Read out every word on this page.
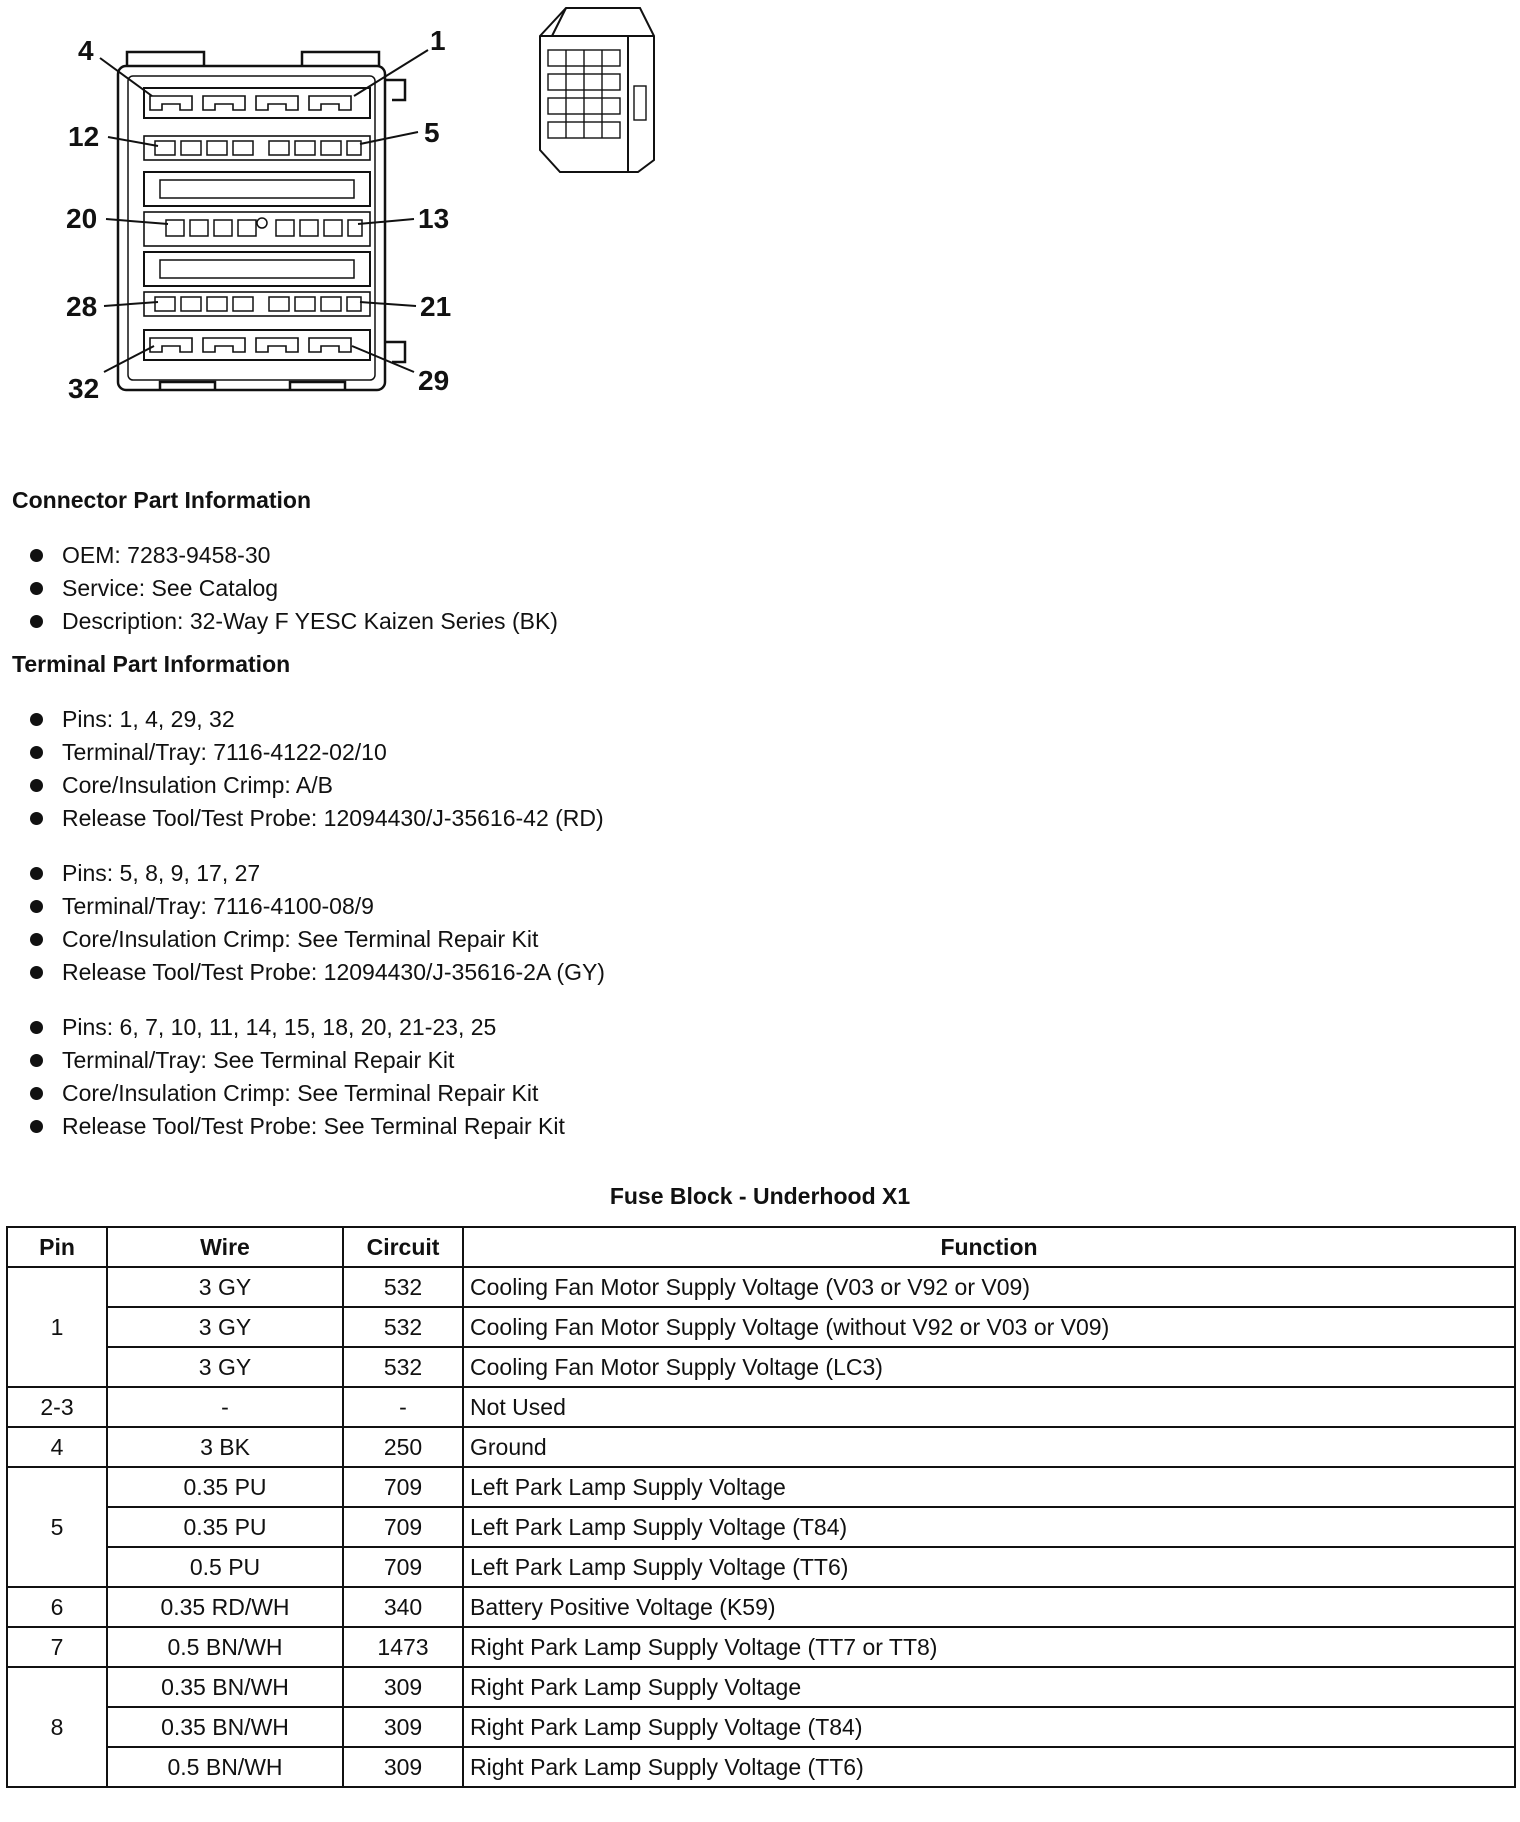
4	1
12	5
20	13
28	21
32	29
Connector Part Information
OEM: 7283-9458-30
Service: See Catalog
Description: 32-Way F YESC Kaizen Series (BK)
Terminal Part Information
Pins: 1, 4, 29, 32
Terminal/Tray: 7116-4122-02/10
Core/Insulation Crimp: A/B
Release Tool/Test Probe: 12094430/J-35616-42 (RD)
Pins: 5, 8, 9, 17, 27
Terminal/Tray: 7116-4100-08/9
Core/Insulation Crimp: See Terminal Repair Kit
Release Tool/Test Probe: 12094430/J-35616-2A (GY)
Pins: 6, 7, 10, 11, 14, 15, 18, 20, 21-23, 25
Terminal/Tray: See Terminal Repair Kit
Core/Insulation Crimp: See Terminal Repair Kit
Release Tool/Test Probe: See Terminal Repair Kit
Fuse Block - Underhood X1
Pin	Wire	Circuit	Function
1	3 GY	532	Cooling Fan Motor Supply Voltage (V03 or V92 or V09)
	3 GY	532	Cooling Fan Motor Supply Voltage (without V92 or V03 or V09)
	3 GY	532	Cooling Fan Motor Supply Voltage (LC3)
2-3	-	-	Not Used
4	3 BK	250	Ground
5	0.35 PU	709	Left Park Lamp Supply Voltage
	0.35 PU	709	Left Park Lamp Supply Voltage (T84)
	0.5 PU	709	Left Park Lamp Supply Voltage (TT6)
6	0.35 RD/WH	340	Battery Positive Voltage (K59)
7	0.5 BN/WH	1473	Right Park Lamp Supply Voltage (TT7 or TT8)
8	0.35 BN/WH	309	Right Park Lamp Supply Voltage
	0.35 BN/WH	309	Right Park Lamp Supply Voltage (T84)
	0.5 BN/WH	309	Right Park Lamp Supply Voltage (TT6)
